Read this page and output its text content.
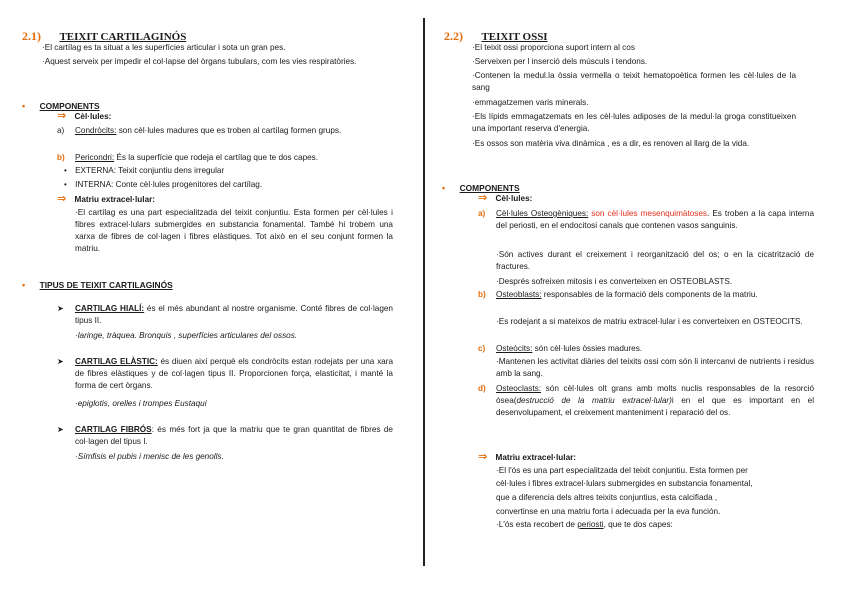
2.1) TEIXIT CARTILAGINÓS
·El cartílag es ta situat a les superfícies articular i sota un gran pes.
·Aquest serveix per impedir el col·lapse del òrgans tubulars, com les vies respiratòries.
• COMPONENTS
⇒ Cèl·lules:
a) Condròcits: son cèl·lules madures que es troben al cartílag formen grups.
b) Pericondri: És la superfície que rodeja el cartílag que te dos capes.
• EXTERNA: Teixit conjuntiu dens irregular
• INTERNA: Conte cèl·lules progenitores del cartílag.
⇒ Matriu extracel·lular:
·El cartílag es una part especialitzada del teixit conjuntiu. Esta formen per cèl·lules i fibres extracel·lulars submergides en substancia fonamental. També hi trobem una xarxa de fibres de col·lagen i fibres elàstiques. Tot això en el seu conjunt formen la matriu.
• TIPUS DE TEIXIT CARTILAGINÓS
➤ CARTILAG HIALÍ: és el més abundant al nostre organisme. Conté fibres de col·lagen tipus II.
·laringe, tràquea. Bronquis , superfícies articulares del ossos.
➤ CARTILAG ELÀSTIC: és diuen així perquè els condròcits estan rodejats per una xara de fibres elàstiques y de col·lagen tipus II. Proporcionen força, elasticitat, i manté la forma de cert òrgans.
·epiglotis, orelles i trompes Eustaqui
➤ CARTILAG FIBRÓS: és més fort ja que la matriu que te gran quantitat de fibres de col·lagen del tipus I.
·Símfisis el pubis i menisc de les genolls.
2.2) TEIXIT OSSI
·El teixit ossi proporciona suport intern al cos
·Serveixen per l inserció dels músculs i tendons.
·Contenen la medul.la òssia vermella o teixit hematopoètica formen les cèl·lules de la sang
·emmagatzemen varis minerals.
·Els lípids emmagatzemats en les cèl·lules adiposes de la medul·la groga constitueixen una important reserva d'energia.
·Es ossos son matèria viva dinàmica , es a dir, es renoven al llarg de la vida.
• COMPONENTS
⇒ Cèl·lules:
a) Cèl·lules Osteogèniques: son cèl·lules mesenquimàtoses. Es troben a la capa interna del periosti, en el endocitosi canals que contenen vasos sanguinis.
·Són actives durant el creixement i reorganització del os; o en la cicatrització de fractures.
·Després sofreixen mitosis i es converteixen en OSTEOBLASTS.
b) Osteoblasts: responsables de la formació dels components de la matriu.
·Es rodejant a si mateixos de matriu extracel·lular i es converteixen en OSTEOCITS.
c) Osteòcits: són cèl·lules òssies madures.
·Mantenen les activitat diàries del teixits ossi com són li intercanvi de nutrients i residus amb la sang.
d) Osteoclasts: són cèl·lules olt grans amb molts nuclis responsables de la resorció ósea(destrucció de la matriu extracel·lular)i en el que es important en el desenvolupament, el creixement manteniment i reparació del os.
⇒ Matriu extracel·lular:
·El l'ós es una part especialitzada del teixit conjuntiu. Esta formen per
cèl·lules i fibres extracel·lulars submergides en substancia fonamental,
que a diferencia dels altres teixits conjuntius, esta calcifiada ,
convertinse en una matriu forta i adecuada per la eva función.
·L'ós esta recobert de periosti, que te dos capes:
